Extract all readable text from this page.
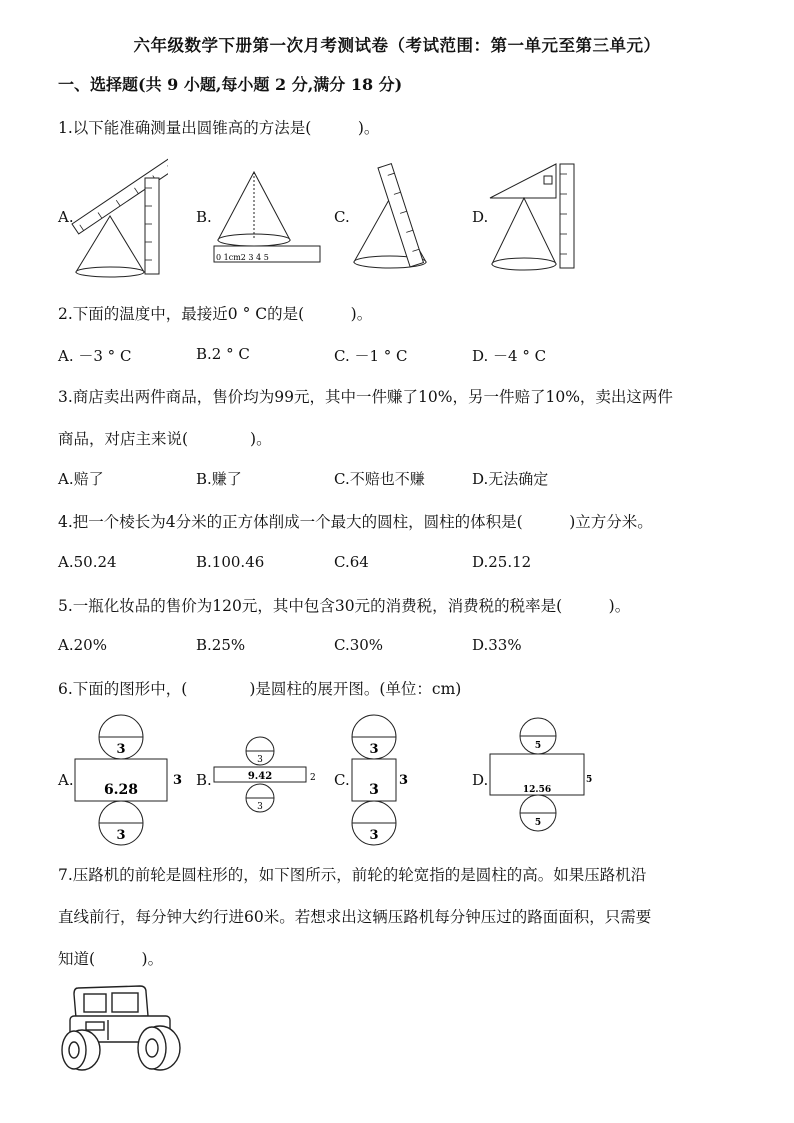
六年级数学下册第一次月考测试卷（考试范围：第一单元至第三单元）
一、选择题(共 9 小题,每小题 2 分,满分 18 分)
1.以下能准确测量出圆锥高的方法是(　　　)。
A.	B.
0 1cm2 3 4 5
C.	D.
2.下面的温度中，最接近0 ° C的是(　　　)。
A. －3 ° C	B.2 ° C	C. －1 ° C	D. －4 ° C
3.商店卖出两件商品，售价均为99元，其中一件赚了10%，另一件赔了10%，卖出这两件
商品，对店主来说(　　　　)。
A.赔了	B.赚了	C.不赔也不赚	D.无法确定
4.把一个棱长为4分米的正方体削成一个最大的圆柱，圆柱的体积是(　　　)立方分米。
A.50.24	B.100.46	C.64	D.25.12
5.一瓶化妆品的售价为120元，其中包含30元的消费税，消费税的税率是(　　　)。
A.20%	B.25%	C.30%	D.33%
6.下面的图形中，(　　　　)是圆柱的展开图。(单位：cm)
A.
3
6.28
3
3
B.
3
9.42	2
3
C.
3
3
3
3
D.
5
12.56
5
5
7.压路机的前轮是圆柱形的，如下图所示，前轮的轮宽指的是圆柱的高。如果压路机沿
直线前行，每分钟大约行进60米。若想求出这辆压路机每分钟压过的路面面积，只需要
知道(　　　)。
